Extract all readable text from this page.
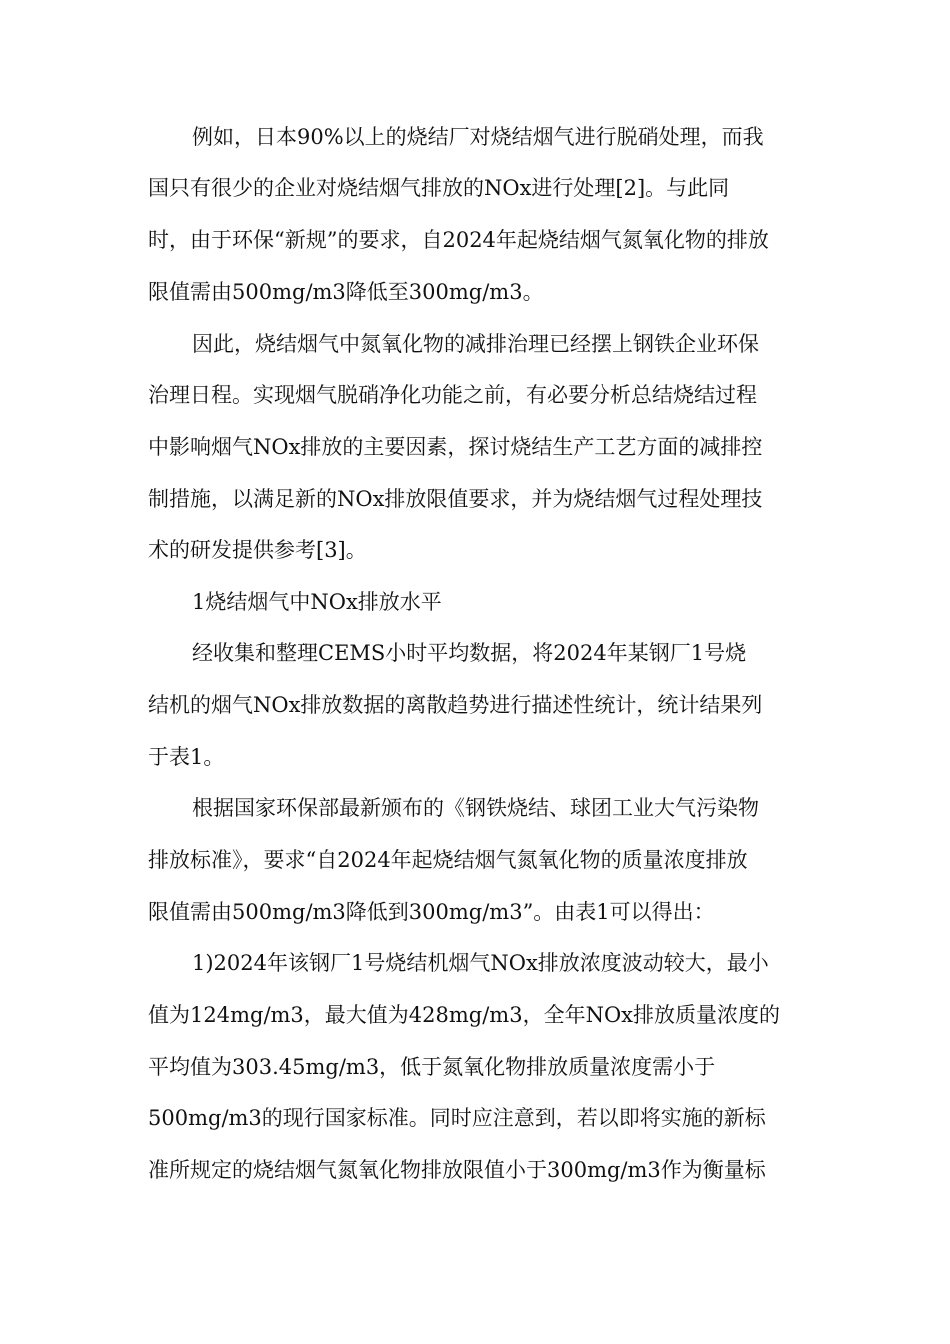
例如，日本90%以上的烧结厂对烧结烟气进行脱硝处理，而我

国只有很少的企业对烧结烟气排放的NOx进行处理[2]。与此同

时，由于环保“新规”的要求，自2024年起烧结烟气氮氧化物的排放

限值需由500mg/m3降低至300mg/m3。

因此，烧结烟气中氮氧化物的减排治理已经摆上钢铁企业环保

治理日程。实现烟气脱硝净化功能之前，有必要分析总结烧结过程

中影响烟气NOx排放的主要因素，探讨烧结生产工艺方面的减排控

制措施，以满足新的NOx排放限值要求，并为烧结烟气过程处理技

术的研发提供参考[3]。

1烧结烟气中NOx排放水平

经收集和整理CEMS小时平均数据，将2024年某钢厂1号烧

结机的烟气NOx排放数据的离散趋势进行描述性统计，统计结果列

于表1。

根据国家环保部最新颁布的《钢铁烧结、球团工业大气污染物

排放标准》，要求“自2024年起烧结烟气氮氧化物的质量浓度排放

限值需由500mg/m3降低到300mg/m3”。由表1可以得出：

1)2024年该钢厂1号烧结机烟气NOx排放浓度波动较大，最小

值为124mg/m3，最大值为428mg/m3，全年NOx排放质量浓度的

平均值为303.45mg/m3，低于氮氧化物排放质量浓度需小于

500mg/m3的现行国家标准。同时应注意到，若以即将实施的新标

准所规定的烧结烟气氮氧化物排放限值小于300mg/m3作为衡量标
